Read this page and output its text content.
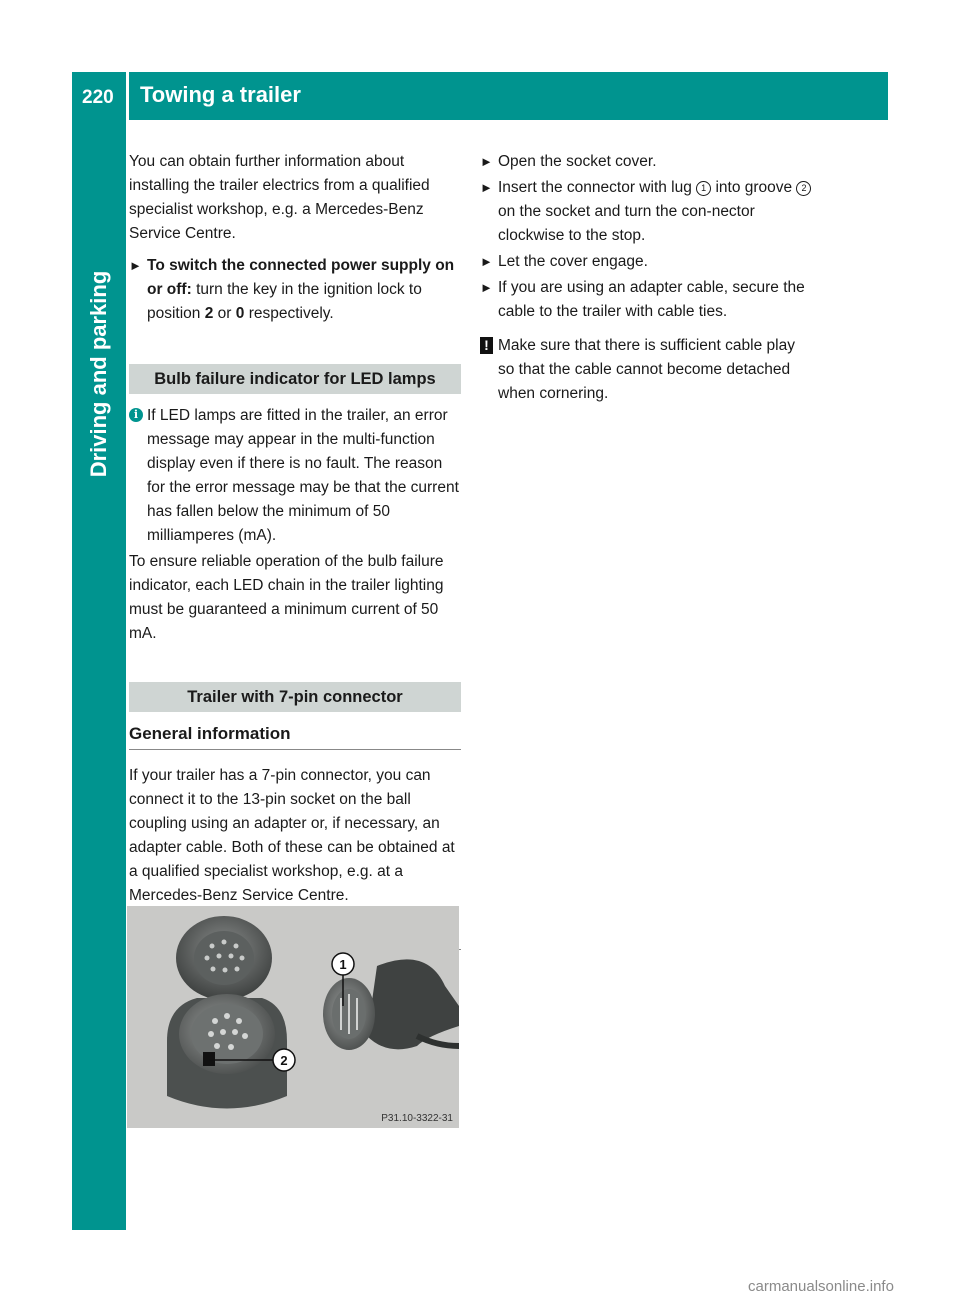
220 Towing a trailer
Driving and parking

You can obtain further information about installing the trailer electrics from a qualified specialist workshop, e.g. a Mercedes-Benz Service Centre.

► To switch the connected power supply on or off: turn the key in the ignition lock to position 2 or 0 respectively.
Bulb failure indicator for LED lamps
i If LED lamps are fitted in the trailer, an error message may appear in the multi-function display even if there is no fault. The reason for the error message may be that the current has fallen below the minimum of 50 milliamperes (mA).

To ensure reliable operation of the bulb failure indicator, each LED chain in the trailer lighting must be guaranteed a minimum current of 50 mA.

Trailer with 7-pin connector
General information

If your trailer has a 7-pin connector, you can connect it to the 13-pin socket on the ball coupling using an adapter or, if necessary, an adapter cable. Both of these can be obtained at a qualified specialist workshop, e.g. at a Mercedes-Benz Service Centre.

1
2
P31.10-3322-31
► Open the socket cover.
► Insert the connector with lug 1 into groove 2 on the socket and turn the con-nector clockwise to the stop.
► Let the cover engage.
► If you are using an adapter cable, secure the cable to the trailer with cable ties.
! Make sure that there is sufficient cable play so that the cable cannot become detached when cornering.
carmanualsonline.info
